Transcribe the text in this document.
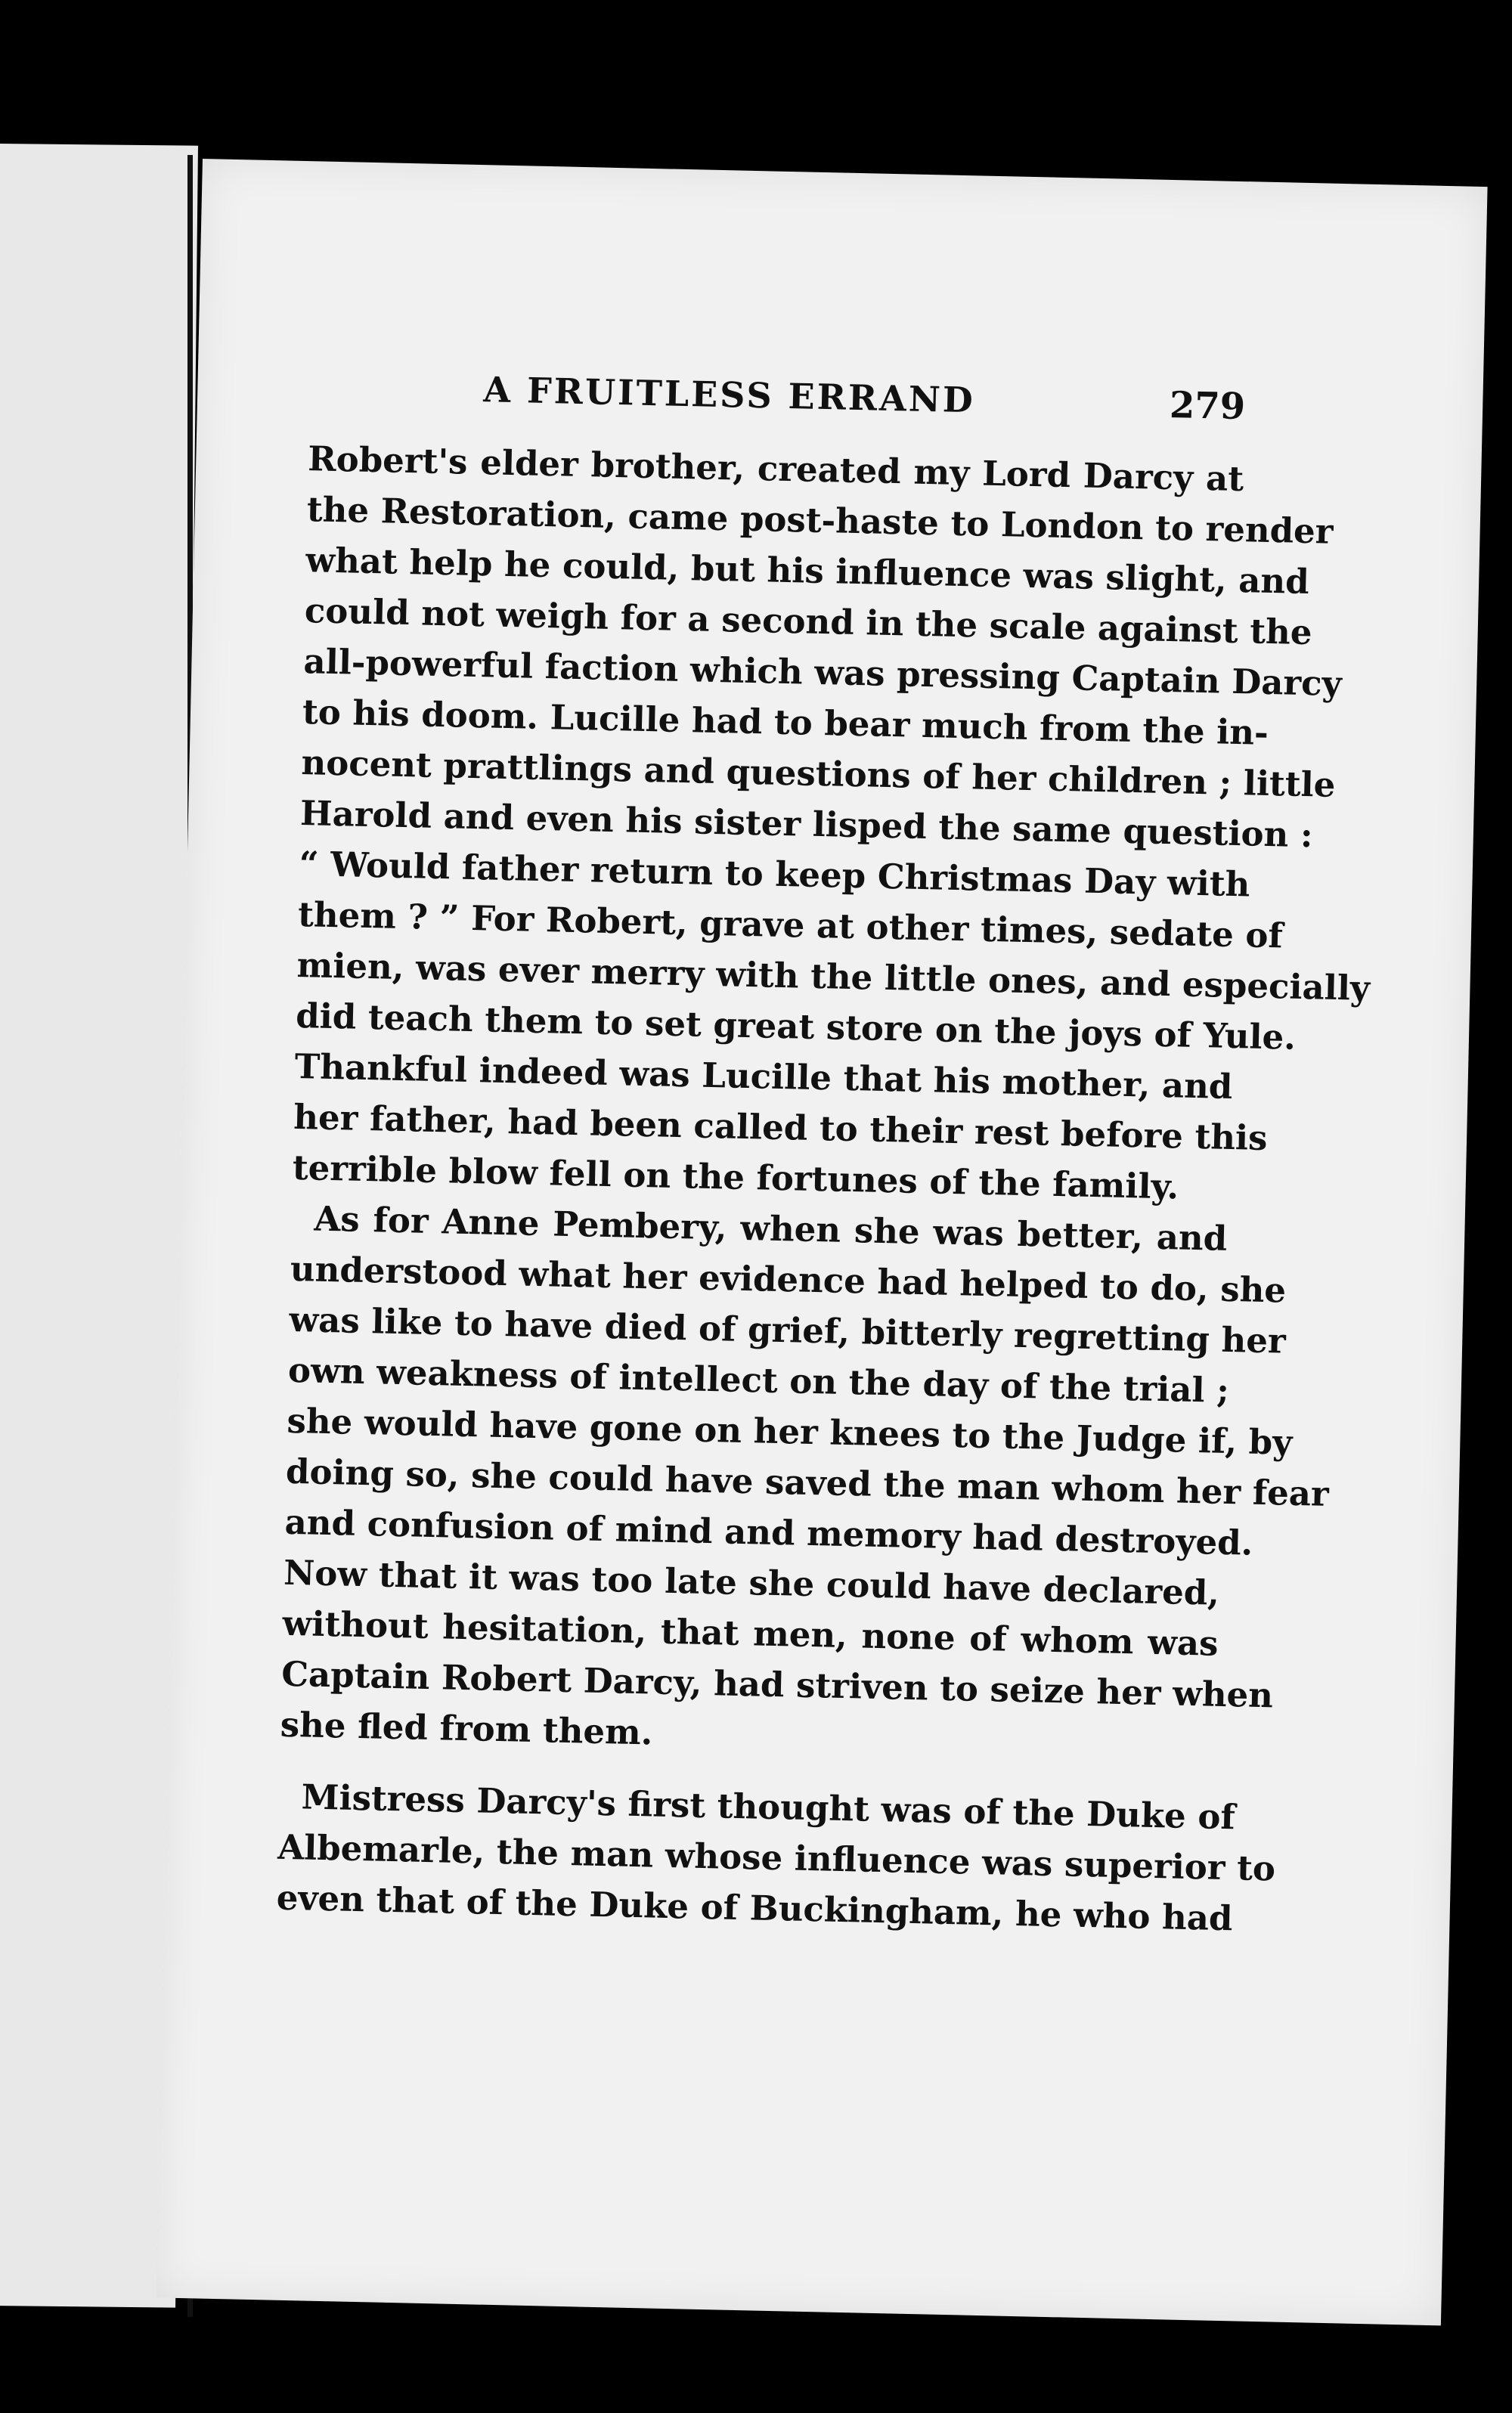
A FRUITLESS ERRAND	279

Robert's elder brother, created my Lord Darcy at
the Restoration, came post-haste to London to render
what help he could, but his influence was slight, and
could not weigh for a second in the scale against the
all-powerful faction which was pressing Captain Darcy
to his doom. Lucille had to bear much from the in-
nocent prattlings and questions of her children ; little
Harold and even his sister lisped the same question :
“ Would father return to keep Christmas Day with
them ? ” For Robert, grave at other times, sedate of
mien, was ever merry with the little ones, and especially
did teach them to set great store on the joys of Yule.
Thankful indeed was Lucille that his mother, and
her father, had been called to their rest before this
terrible blow fell on the fortunes of the family.

As for Anne Pembery, when she was better, and
understood what her evidence had helped to do, she
was like to have died of grief, bitterly regretting her
own weakness of intellect on the day of the trial ;
she would have gone on her knees to the Judge if, by
doing so, she could have saved the man whom her fear
and confusion of mind and memory had destroyed.
Now that it was too late she could have declared,
without hesitation, that men, none of whom was
Captain Robert Darcy, had striven to seize her when
she fled from them.

Mistress Darcy's first thought was of the Duke of
Albemarle, the man whose influence was superior to
even that of the Duke of Buckingham, he who had
